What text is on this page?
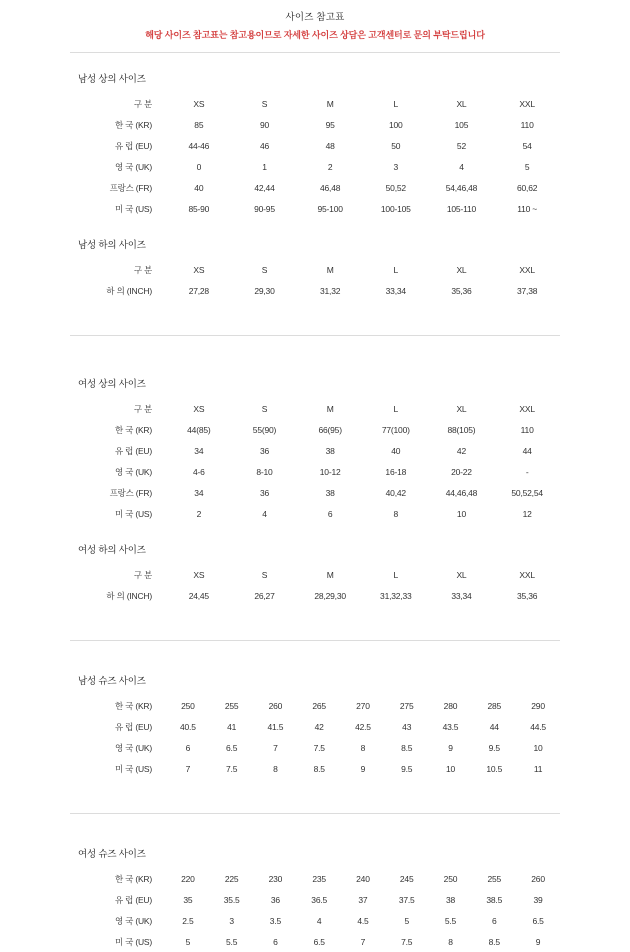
사이즈 참고표
해당 사이즈 참고표는 참고용이므로 자세한 사이즈 상담은 고객센터로 문의 부탁드립니다
남성 상의 사이즈
구 분	XS	S	M	L	XL	XXL
한 국 (KR)	85	90	95	100	105	110
유 럽 (EU)	44-46	46	48	50	52	54
영 국 (UK)	0	1	2	3	4	5
프랑스 (FR)	40	42,44	46,48	50,52	54,46,48	60,62
미 국 (US)	85-90	90-95	95-100	100-105	105-110	110 ~
남성 하의 사이즈
구 분	XS	S	M	L	XL	XXL
하 의 (INCH)	27,28	29,30	31,32	33,34	35,36	37,38
여성 상의 사이즈
구 분	XS	S	M	L	XL	XXL
한 국 (KR)	44(85)	55(90)	66(95)	77(100)	88(105)	110
유 럽 (EU)	34	36	38	40	42	44
영 국 (UK)	4-6	8-10	10-12	16-18	20-22	-
프랑스 (FR)	34	36	38	40,42	44,46,48	50,52,54
미 국 (US)	2	4	6	8	10	12
여성 하의 사이즈
구 분	XS	S	M	L	XL	XXL
하 의 (INCH)	24,45	26,27	28,29,30	31,32,33	33,34	35,36
남성 슈즈 사이즈
한 국 (KR)	250	255	260	265	270	275	280	285	290
유 럽 (EU)	40.5	41	41.5	42	42.5	43	43.5	44	44.5
영 국 (UK)	6	6.5	7	7.5	8	8.5	9	9.5	10
미 국 (US)	7	7.5	8	8.5	9	9.5	10	10.5	11
여성 슈즈 사이즈
한 국 (KR)	220	225	230	235	240	245	250	255	260
유 럽 (EU)	35	35.5	36	36.5	37	37.5	38	38.5	39
영 국 (UK)	2.5	3	3.5	4	4.5	5	5.5	6	6.5
미 국 (US)	5	5.5	6	6.5	7	7.5	8	8.5	9
